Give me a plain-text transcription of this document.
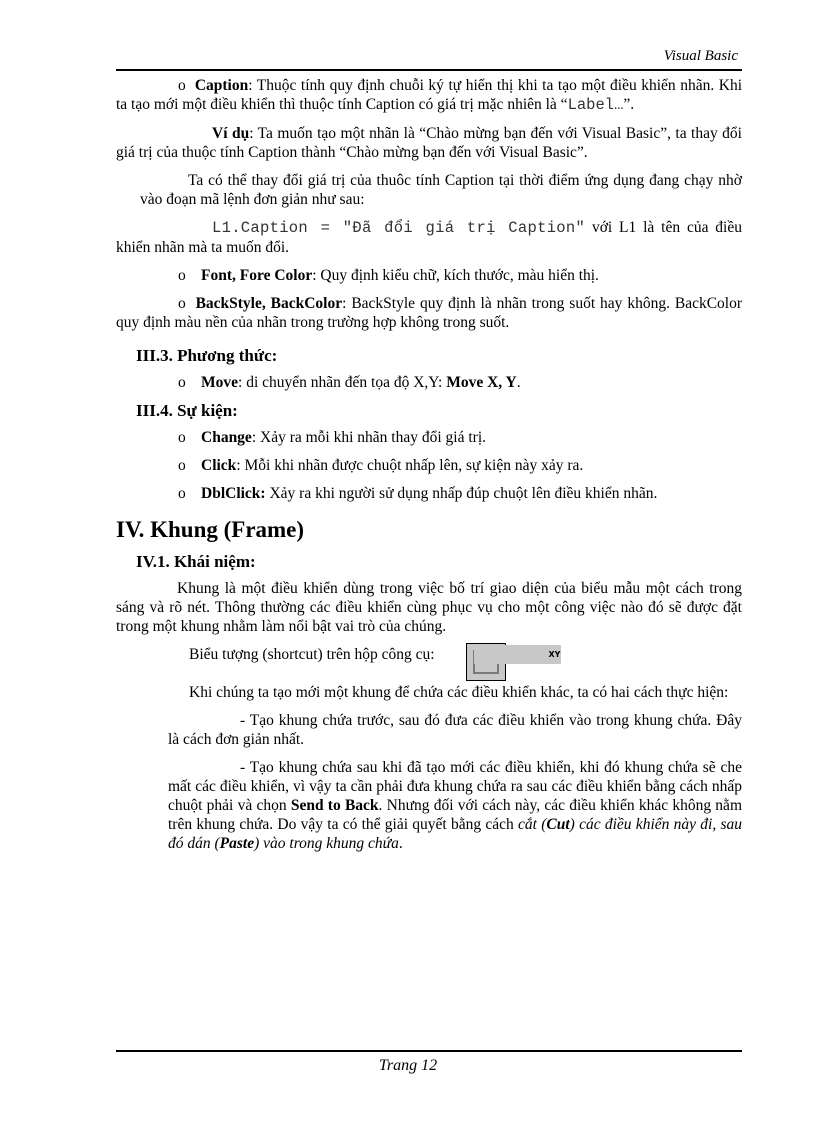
Visual Basic

o Caption: Thuộc tính quy định chuỗi ký tự hiển thị khi ta tạo một điều khiển nhãn. Khi ta tạo mới một điều khiển thì thuộc tính Caption có giá trị mặc nhiên là “Label…”.

Ví dụ: Ta muốn tạo một nhãn là “Chào mừng bạn đến với Visual Basic”, ta thay đổi giá trị của thuộc tính Caption thành “Chào mừng bạn đến với Visual Basic”.

Ta có thể thay đổi giá trị của thuôc tính Caption tại thời điểm ứng dụng đang chạy nhờ vào đoạn mã lệnh đơn giản như sau:

L1.Caption = "Đã đổi giá trị Caption" với L1 là tên của điều khiển nhãn mà ta muốn đổi.

o Font, Fore Color: Quy định kiểu chữ, kích thước, màu hiển thị.

o BackStyle, BackColor: BackStyle quy định là nhãn trong suốt hay không. BackColor quy định màu nền của nhãn trong trường hợp không trong suốt.

III.3. Phương thức:
o Move: di chuyển nhãn đến tọa độ X,Y: Move X, Y.
III.4. Sự kiện:
o Change: Xảy ra mỗi khi nhãn thay đổi giá trị.
o Click: Mỗi khi nhãn được chuột nhấp lên, sự kiện này xảy ra.
o DblClick: Xảy ra khi người sử dụng nhấp đúp chuột lên điều khiển nhãn.
IV. Khung (Frame)
IV.1. Khái niệm:

Khung là một điều khiển dùng trong việc bố trí giao diện của biểu mẫu một cách trong sáng và rõ nét. Thông thường các điều khiển cùng phục vụ cho một công việc nào đó sẽ được đặt trong một khung nhằm làm nổi bật vai trò của chúng.

Biểu tượng (shortcut) trên hộp công cụ:	XY

Khi chúng ta tạo mới một khung để chứa các điều khiển khác, ta có hai cách thực hiện:

- Tạo khung chứa trước, sau đó đưa các điều khiển vào trong khung chứa. Đây là cách đơn giản nhất.

- Tạo khung chứa sau khi đã tạo mới các điều khiển, khi đó khung chứa sẽ che mất các điều khiển, vì vậy ta cần phải đưa khung chứa ra sau các điều khiển bằng cách nhấp chuột phải và chọn Send to Back. Nhưng đối với cách này, các điều khiển khác không nằm trên khung chứa. Do vậy ta có thể giải quyết bằng cách cắt (Cut) các điều khiển này đi, sau đó dán (Paste) vào trong khung chứa.

Trang 12
